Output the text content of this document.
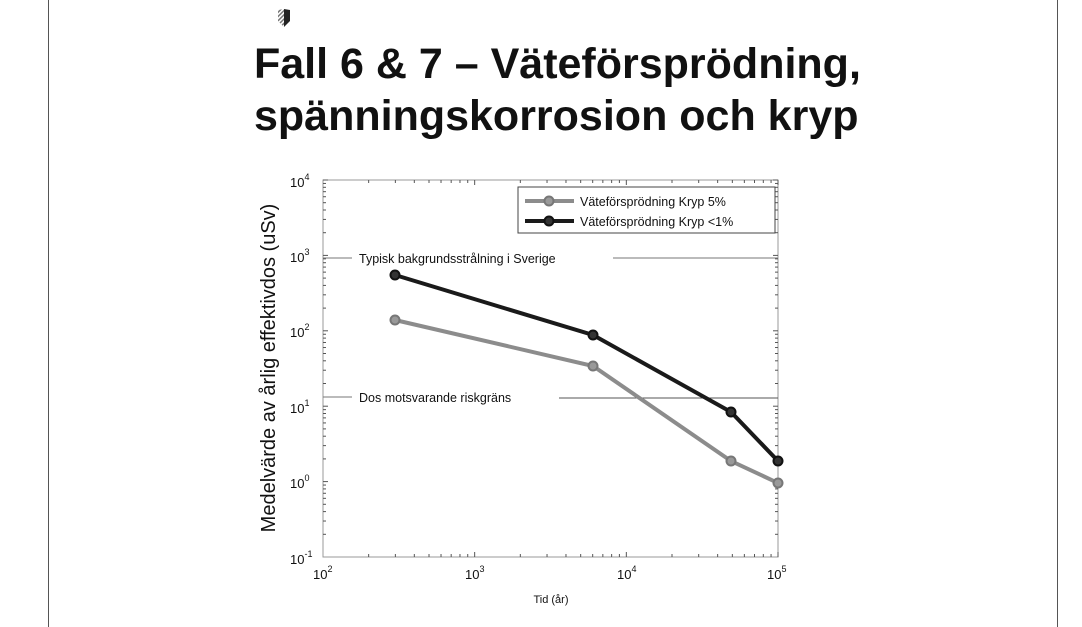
Fall 6 & 7 – Väteförsprödning,
spänningskorrosion och kryp
Typisk bakgrundsstrålning i Sverige
Dos motsvarande riskgräns
Väteförsprödning Kryp 5%
Väteförsprödning Kryp <1%
$10^{-1}$
$10^0$
$10^1$
$10^2$
$10^3$
$10^4$
$10^2$	$10^3$	$10^4$	$10^5$
Tid (år)
Medelvärde av årlig effektivdos (uSv)
